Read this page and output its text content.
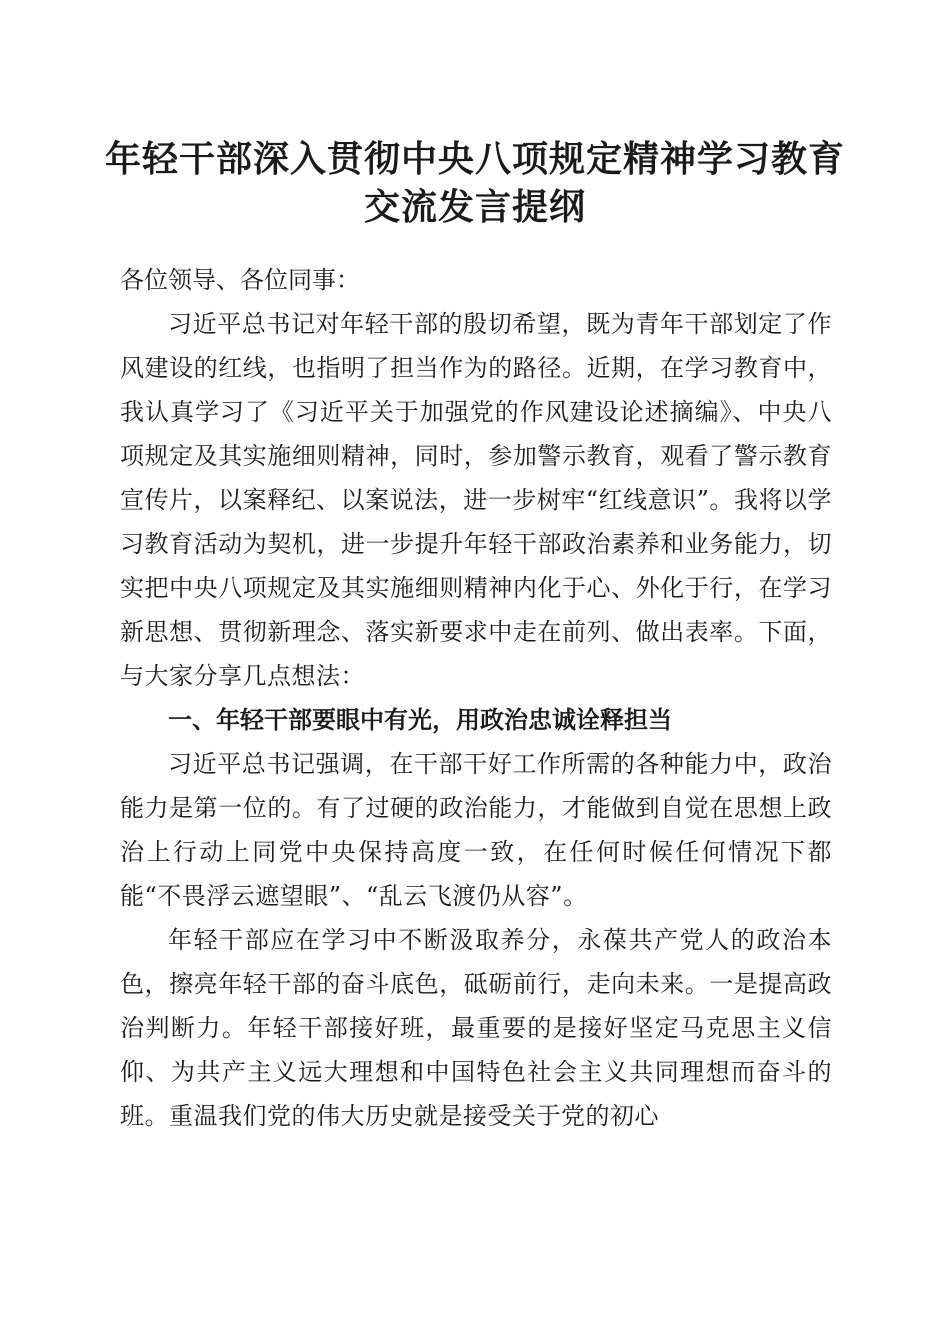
年轻干部深入贯彻中央八项规定精神学习教育
交流发言提纲

各位领导、各位同事：

习近平总书记对年轻干部的殷切希望，既为青年干部划定了作风建设的红线，也指明了担当作为的路径。近期，在学习教育中，我认真学习了《习近平关于加强党的作风建设论述摘编》、中央八项规定及其实施细则精神，同时，参加警示教育，观看了警示教育宣传片，以案释纪、以案说法，进一步树牢“红线意识”。我将以学习教育活动为契机，进一步提升年轻干部政治素养和业务能力，切实把中央八项规定及其实施细则精神内化于心、外化于行，在学习新思想、贯彻新理念、落实新要求中走在前列、做出表率。下面，与大家分享几点想法：

一、年轻干部要眼中有光，用政治忠诚诠释担当

习近平总书记强调，在干部干好工作所需的各种能力中，政治能力是第一位的。有了过硬的政治能力，才能做到自觉在思想上政治上行动上同党中央保持高度一致，在任何时候任何情况下都能“不畏浮云遮望眼”、“乱云飞渡仍从容”。

年轻干部应在学习中不断汲取养分，永葆共产党人的政治本色，擦亮年轻干部的奋斗底色，砥砺前行，走向未来。一是提高政治判断力。年轻干部接好班，最重要的是接好坚定马克思主义信仰、为共产主义远大理想和中国特色社会主义共同理想而奋斗的班。重温我们党的伟大历史就是接受关于党的初心
